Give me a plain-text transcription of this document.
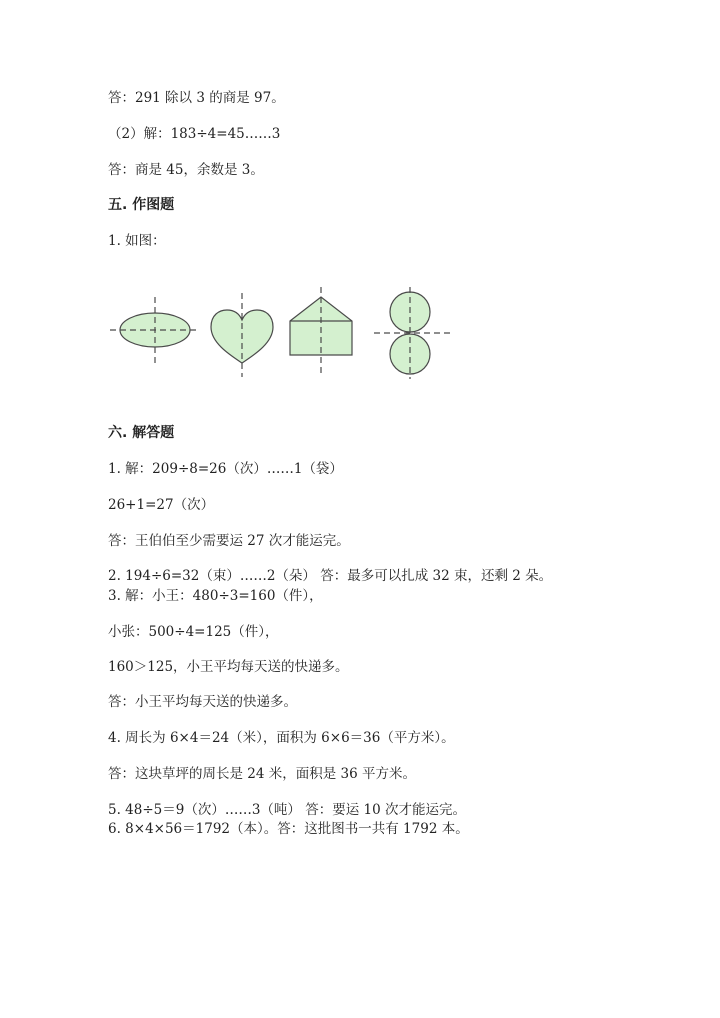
答：291 除以 3 的商是 97。
（2）解：183÷4=45……3
答：商是 45，余数是 3。
五. 作图题
1. 如图：
六. 解答题
1. 解：209÷8=26（次）……1（袋）
26+1=27（次）
答：王伯伯至少需要运 27 次才能运完。
2. 194÷6=32（束）……2（朵） 答：最多可以扎成 32 束，还剩 2 朵。
3. 解：小王：480÷3=160（件），
小张：500÷4=125（件），
160＞125，小王平均每天送的快递多。
答：小王平均每天送的快递多。
4. 周长为 6×4＝24（米），面积为 6×6＝36（平方米）。
答：这块草坪的周长是 24 米，面积是 36 平方米。
5. 48÷5＝9（次）……3（吨） 答：要运 10 次才能运完。
6. 8×4×56＝1792（本）。答：这批图书一共有 1792 本。
